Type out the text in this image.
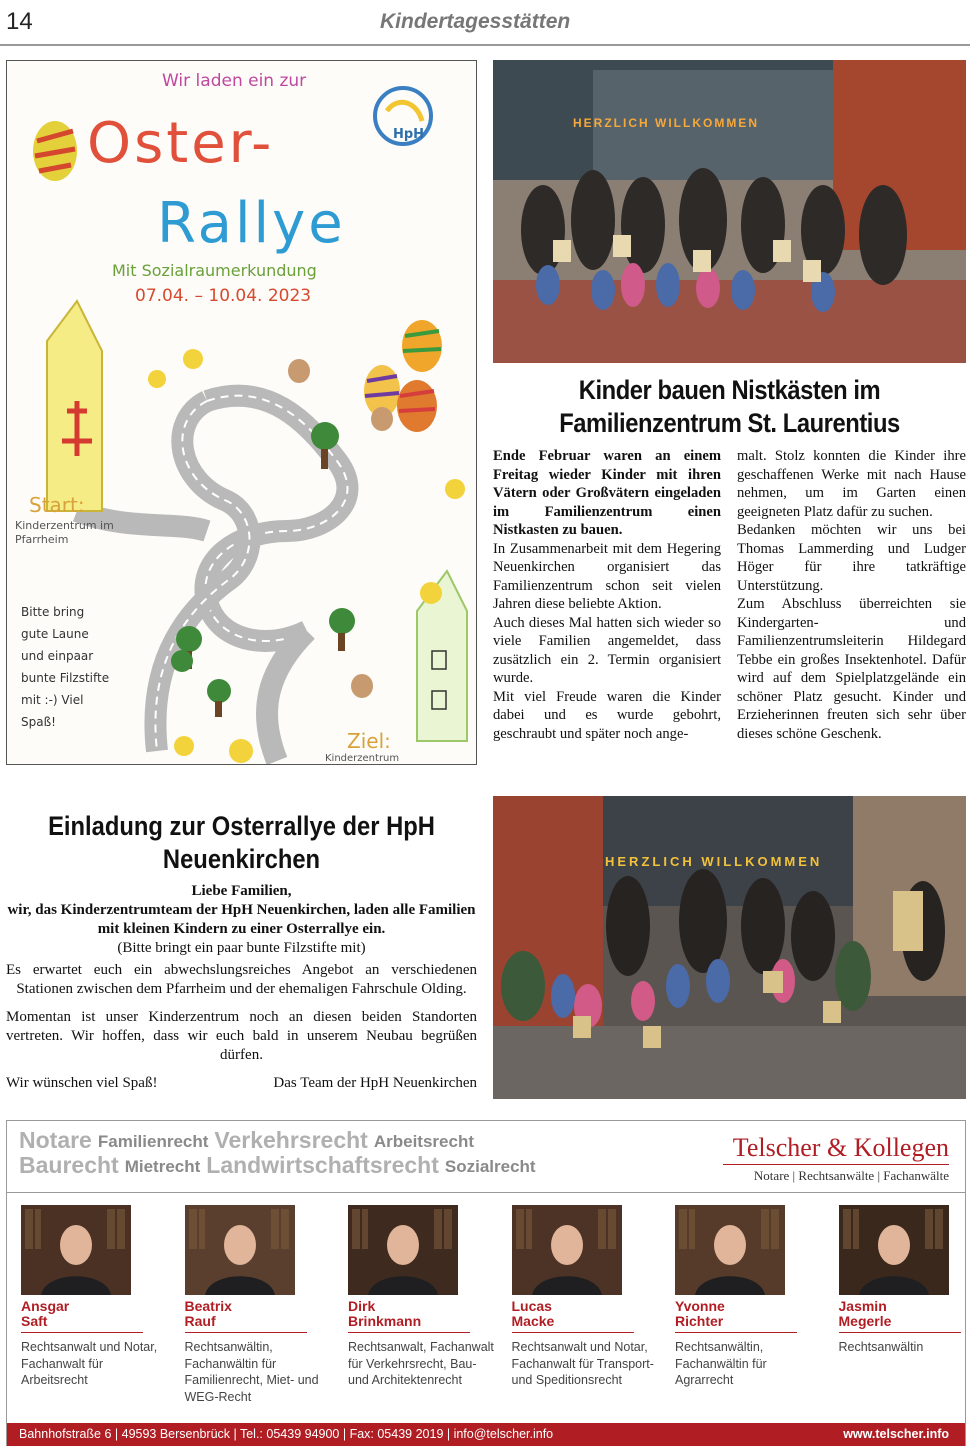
14	Kindertagesstätten
Wir laden ein zur
Oster-
Rallye
Mit Sozialraumerkundung
07.04. – 10.04. 2023
HpH
Start:
Kinderzentrum im Pfarrheim
Bitte bring gute Laune und einpaar bunte Filzstifte mit :-) Viel Spaß!
Ziel:
Kinderzentrum
HERZLICH WILLKOMMEN
Kinder bauen Nistkästen im Familienzentrum St. Laurentius

Ende Februar waren an einem Freitag wieder Kinder mit ihren Vätern oder Großvätern eingeladen im Familienzentrum einen Nistkasten zu bauen.

In Zusammenarbeit mit dem Hegering Neuenkirchen organisiert das Familienzentrum schon seit vielen Jahren diese beliebte Aktion.

Auch dieses Mal hatten sich wieder so viele Familien angemeldet, dass zusätzlich ein 2. Termin organisiert wurde.

Mit viel Freude waren die Kinder dabei und es wurde gebohrt, geschraubt und später noch ange-

malt. Stolz konnten die Kinder ihre geschaffenen Werke mit nach Hause nehmen, um im Garten einen geeigneten Platz dafür zu suchen.

Bedanken möchten wir uns bei Thomas Lammerding und Ludger Höger für ihre tatkräftige Unterstützung.

Zum Abschluss überreichten sie Kindergarten- und Familienzentrumsleiterin Hildegard Tebbe ein großes Insektenhotel. Dafür wird auf dem Spielplatzgelände ein schöner Platz gesucht. Kinder und Erzieherinnen freuten sich sehr über dieses schöne Geschenk.

HERZLICH WILLKOMMEN
Einladung zur Osterrallye der HpH Neuenkirchen

Liebe Familien,

wir, das Kinderzentrumteam der HpH Neuenkirchen, laden alle Familien mit kleinen Kindern zu einer Osterrallye ein.

(Bitte bringt ein paar bunte Filzstifte mit)

Es erwartet euch ein abwechslungsreiches Angebot an verschiedenen Stationen zwischen dem Pfarrheim und der ehemaligen Fahrschule Olding.

Momentan ist unser Kinderzentrum noch an diesen beiden Standorten vertreten. Wir hoffen, dass wir euch bald in unserem Neubau begrüßen dürfen.

Wir wünschen viel Spaß!	Das Team der HpH Neuenkirchen
Notare Familienrecht Verkehrsrecht Arbeitsrecht
Baurecht Mietrecht Landwirtschaftsrecht Sozialrecht
Telscher & Kollegen
Notare | Rechtsanwälte | Fachanwälte
Ansgar
Saft
Rechtsanwalt und Notar, Fachanwalt für Arbeitsrecht
Beatrix
Rauf
Rechtsanwältin, Fachanwältin für Familienrecht, Miet- und WEG-Recht
Dirk
Brinkmann
Rechtsanwalt, Fachanwalt für Verkehrsrecht, Bau- und Architektenrecht
Lucas
Macke
Rechtsanwalt und Notar, Fachanwalt für Transport- und Speditionsrecht
Yvonne
Richter
Rechtsanwältin, Fachanwältin für Agrarrecht
Jasmin
Megerle
Rechtsanwältin
Bahnhofstraße 6 | 49593 Bersenbrück | Tel.: 05439 94900 | Fax: 05439 2019 | info@telscher.info	www.telscher.info
